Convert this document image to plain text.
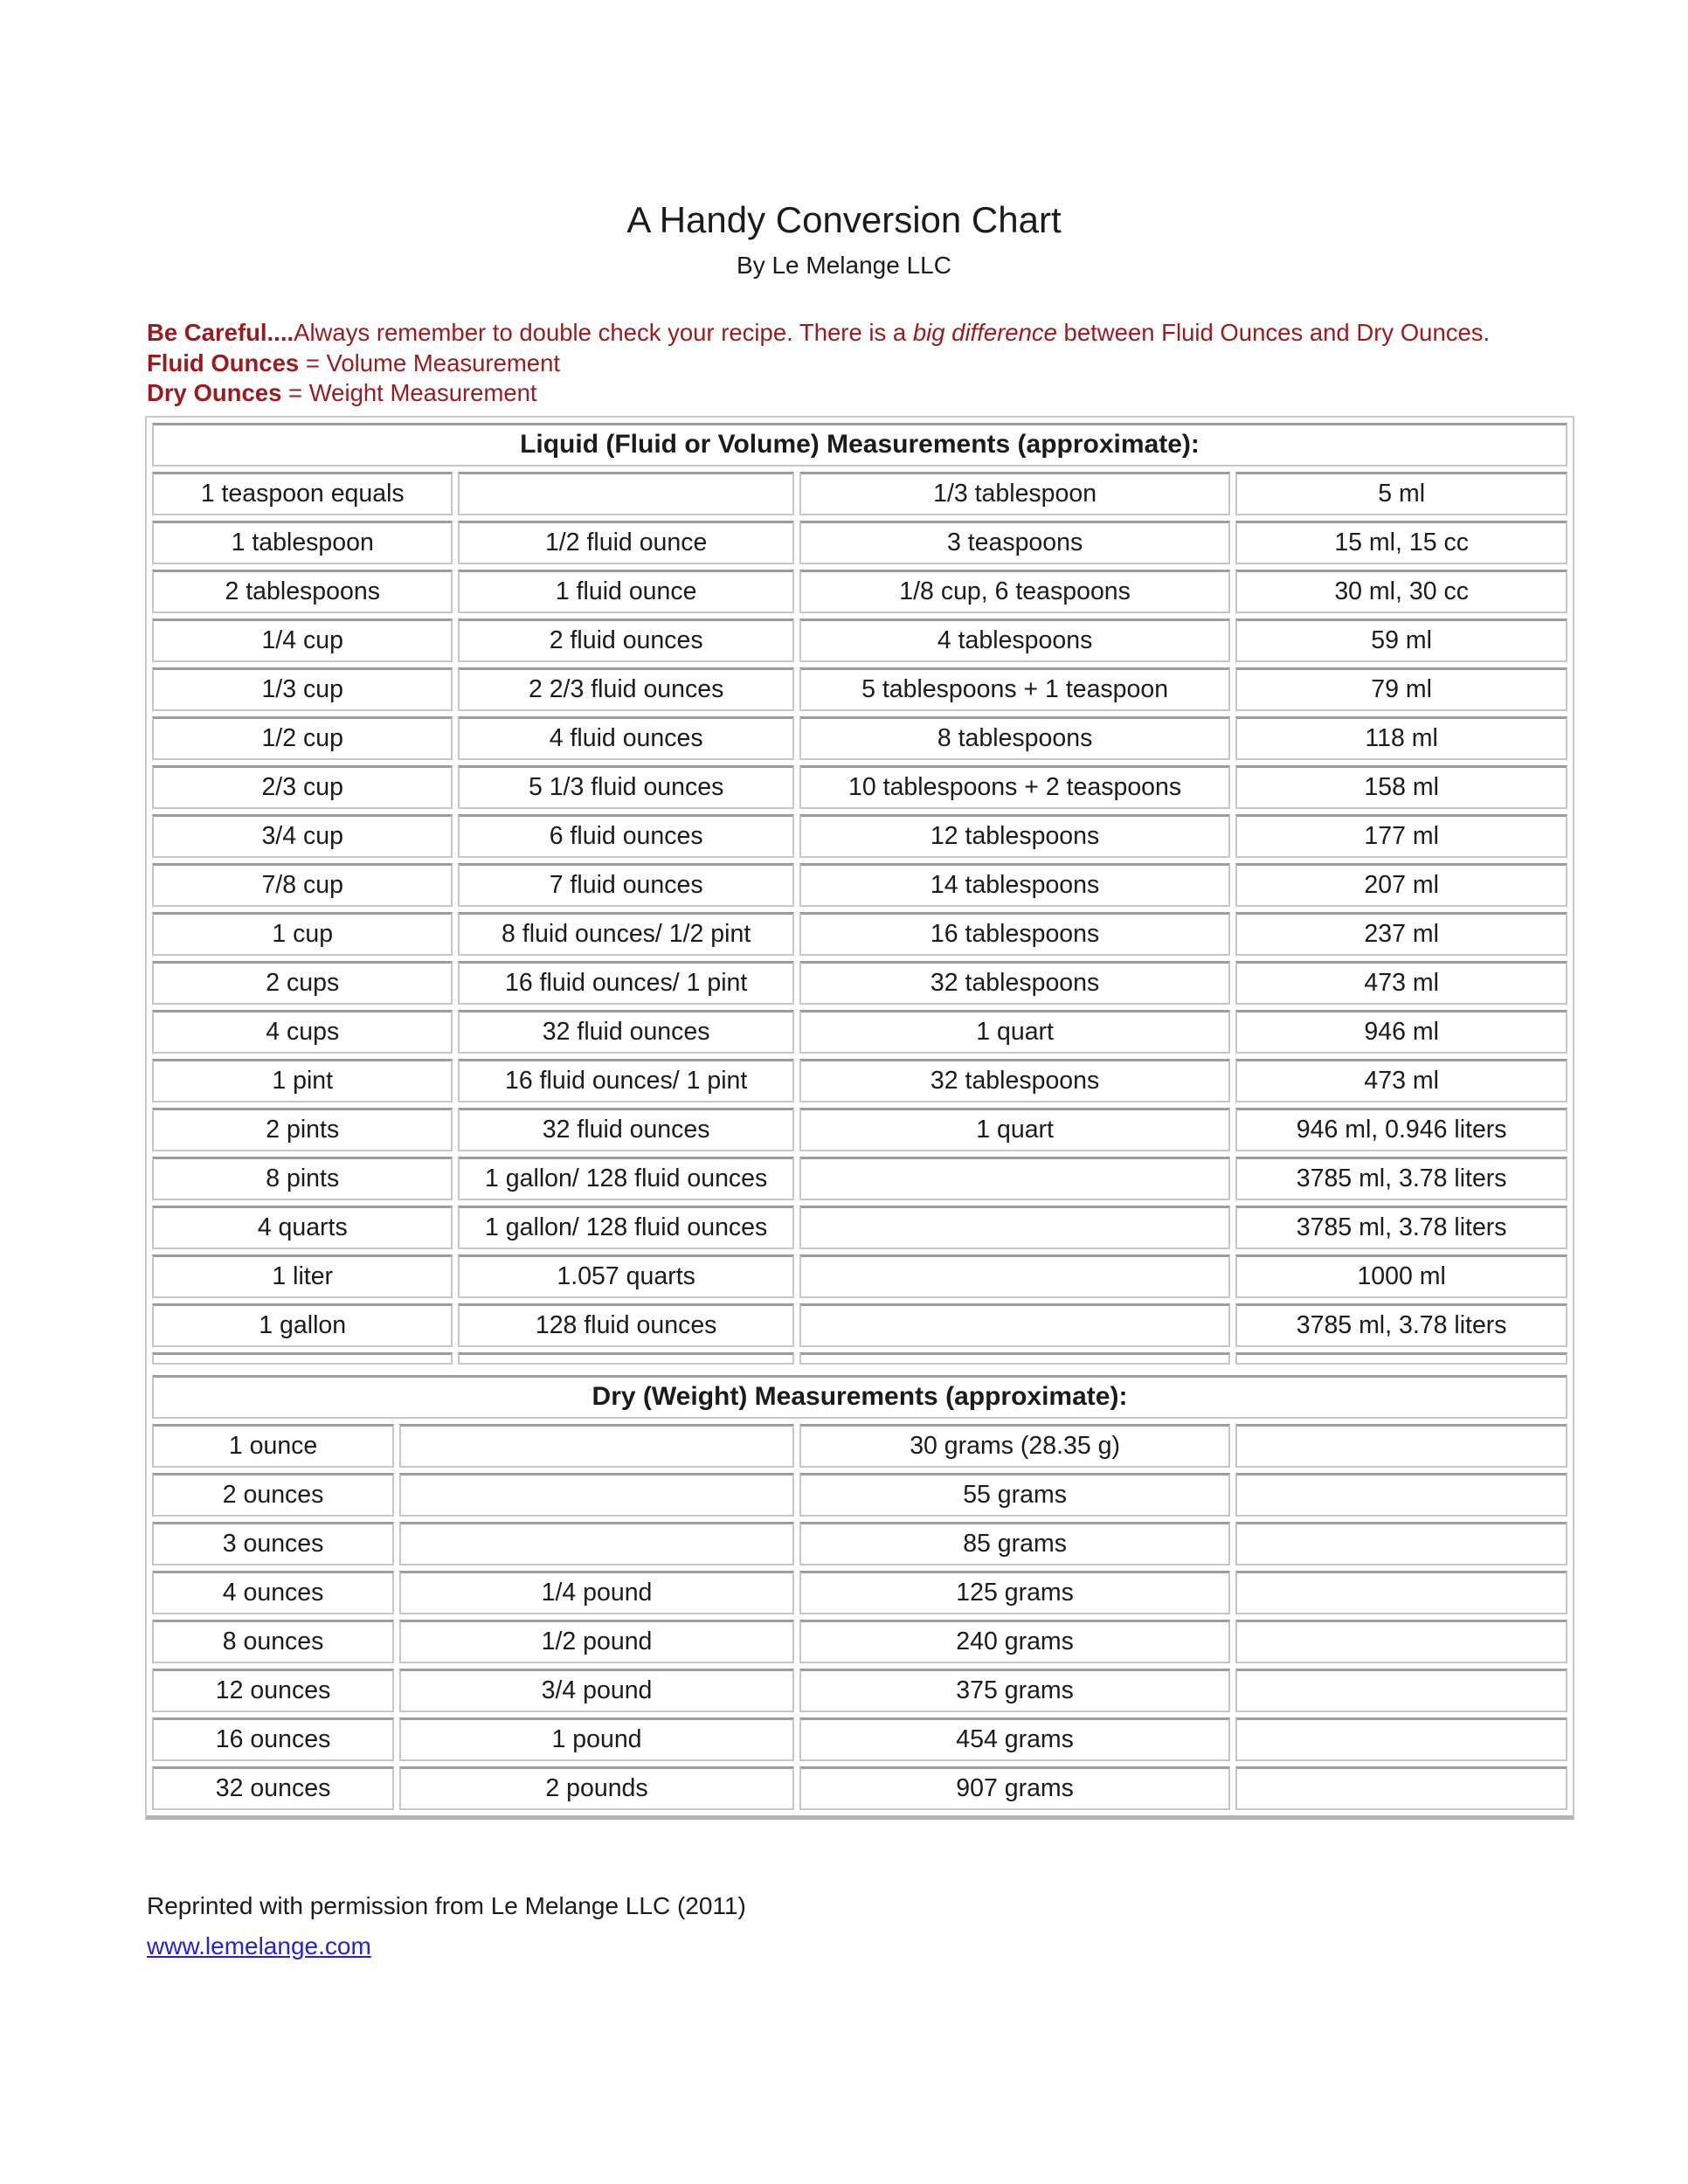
A Handy Conversion Chart
By Le Melange LLC
Be Careful....Always remember to double check your recipe. There is a big difference between Fluid Ounces and Dry Ounces.
Fluid Ounces = Volume Measurement
Dry Ounces = Weight Measurement
Liquid (Fluid or Volume) Measurements (approximate):			
1 teaspoon equals		1/3 tablespoon	5 ml
1 tablespoon	1/2 fluid ounce	3 teaspoons	15 ml, 15 cc
2 tablespoons	1 fluid ounce	1/8 cup, 6 teaspoons	30 ml, 30 cc
1/4 cup	2 fluid ounces	4 tablespoons	59 ml
1/3 cup	2 2/3 fluid ounces	5 tablespoons + 1 teaspoon	79 ml
1/2 cup	4 fluid ounces	8 tablespoons	118 ml
2/3 cup	5 1/3 fluid ounces	10 tablespoons + 2 teaspoons	158 ml
3/4 cup	6 fluid ounces	12 tablespoons	177 ml
7/8 cup	7 fluid ounces	14 tablespoons	207 ml
1 cup	8 fluid ounces/ 1/2 pint	16 tablespoons	237 ml
2 cups	16 fluid ounces/ 1 pint	32 tablespoons	473 ml
4 cups	32 fluid ounces	1 quart	946 ml
1 pint	16 fluid ounces/ 1 pint	32 tablespoons	473 ml
2 pints	32 fluid ounces	1 quart	946 ml, 0.946 liters
8 pints	1 gallon/ 128 fluid ounces		3785 ml, 3.78 liters
4 quarts	1 gallon/ 128 fluid ounces		3785 ml, 3.78 liters
1 liter	1.057 quarts		1000 ml
1 gallon	128 fluid ounces		3785 ml, 3.78 liters

Dry (Weight) Measurements (approximate):			
1 ounce		30 grams (28.35 g)	
2 ounces		55 grams	
3 ounces		85 grams	
4 ounces	1/4 pound	125 grams	
8 ounces	1/2 pound	240 grams	
12 ounces	3/4 pound	375 grams	
16 ounces	1 pound	454 grams	
32 ounces	2 pounds	907 grams	
Reprinted with permission from Le Melange LLC (2011)
www.lemelange.com
